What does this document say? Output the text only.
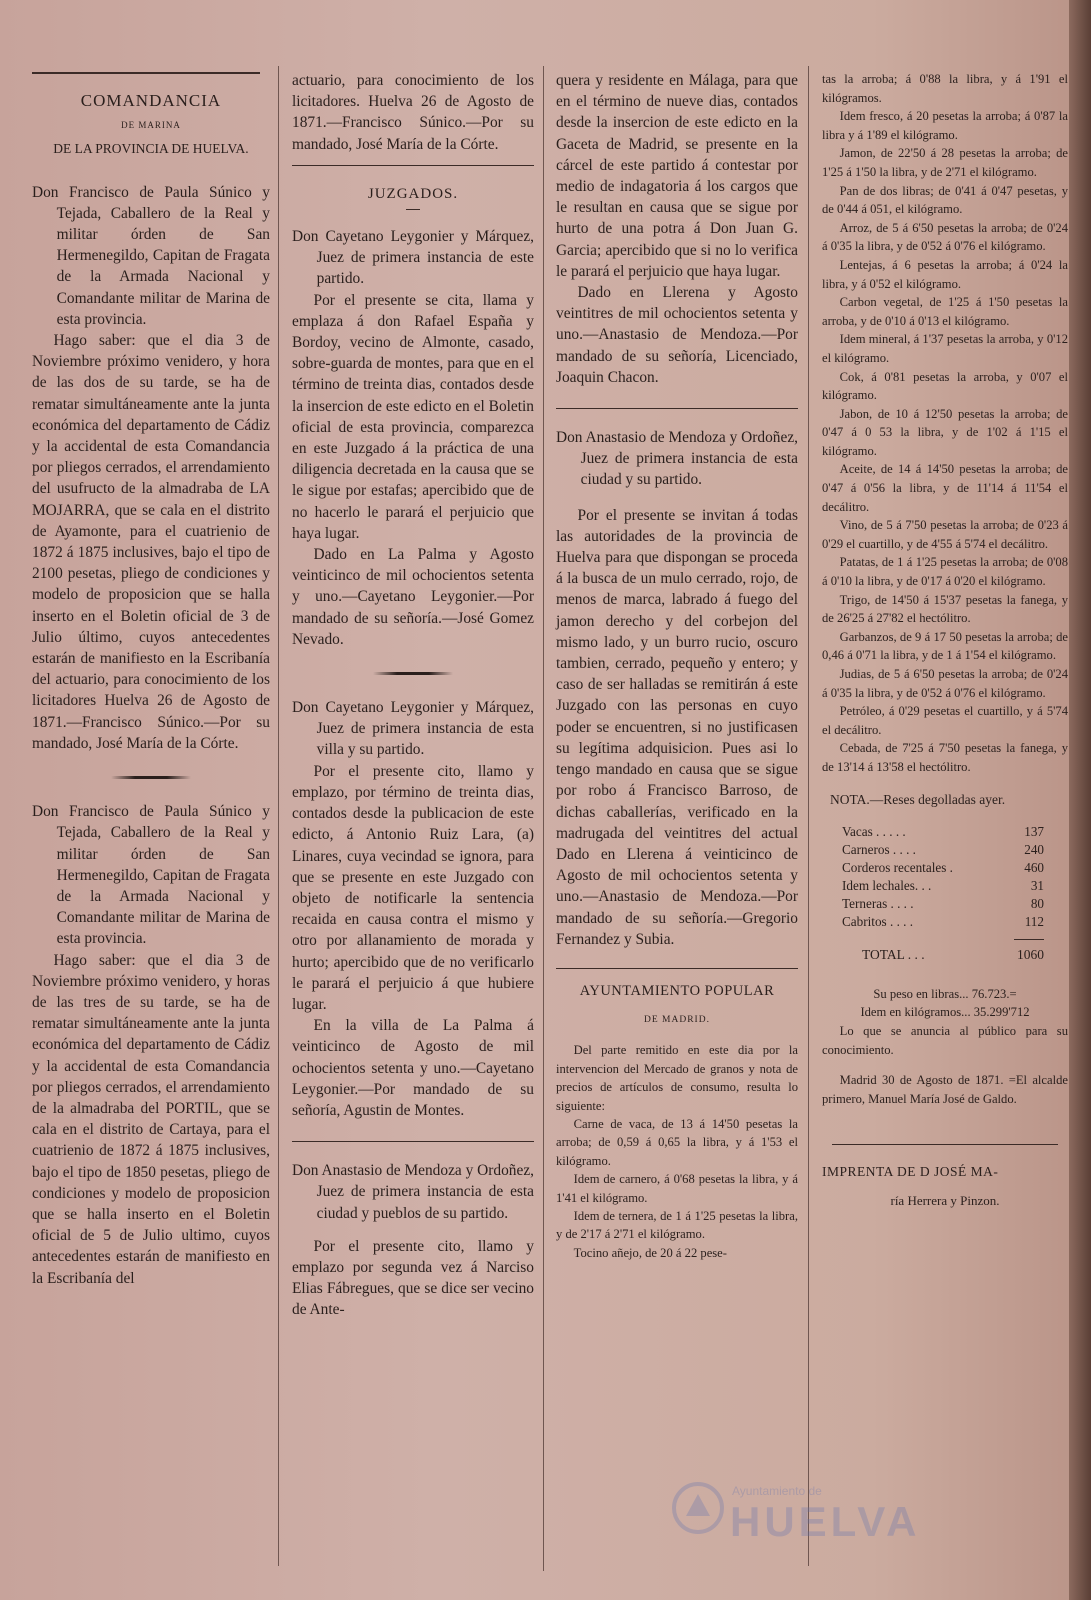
COMANDANCIA
DE MARINA
DE LA PROVINCIA DE HUELVA.

Don Francisco de Paula Súnico y Tejada, Caballero de la Real y militar órden de San Hermenegildo, Capitan de Fragata de la Armada Nacional y Comandante militar de Marina de esta provincia.

Hago saber: que el dia 3 de Noviembre próximo venidero, y hora de las dos de su tarde, se ha de rematar simultáneamente ante la junta económica del departamento de Cádiz y la accidental de esta Comandancia por pliegos cerrados, el arrendamiento del usufructo de la almadraba de LA MOJARRA, que se cala en el distrito de Ayamonte, para el cuatrienio de 1872 á 1875 inclusives, bajo el tipo de 2100 pesetas, pliego de condiciones y modelo de proposicion que se halla inserto en el Boletin oficial de 3 de Julio último, cuyos antecedentes estarán de manifiesto en la Escribanía del actuario, para conocimiento de los licitadores Huelva 26 de Agosto de 1871.—Francisco Súnico.—Por su mandado, José María de la Córte.

Don Francisco de Paula Súnico y Tejada, Caballero de la Real y militar órden de San Hermenegildo, Capitan de Fragata de la Armada Nacional y Comandante militar de Marina de esta provincia.

Hago saber: que el dia 3 de Noviembre próximo venidero, y horas de las tres de su tarde, se ha de rematar simultáneamente ante la junta económica del departamento de Cádiz y la accidental de esta Comandancia por pliegos cerrados, el arrendamiento de la almadraba del PORTIL, que se cala en el distrito de Cartaya, para el cuatrienio de 1872 á 1875 inclusives, bajo el tipo de 1850 pesetas, pliego de condiciones y modelo de proposicion que se halla inserto en el Boletin oficial de 5 de Julio ultimo, cuyos antecedentes estarán de manifiesto en la Escribanía del

actuario, para conocimiento de los licitadores. Huelva 26 de Agosto de 1871.—Francisco Súnico.—Por su mandado, José María de la Córte.

JUZGADOS.

Don Cayetano Leygonier y Márquez, Juez de primera instancia de este partido.

Por el presente se cita, llama y emplaza á don Rafael España y Bordoy, vecino de Almonte, casado, sobre-guarda de montes, para que en el término de treinta dias, contados desde la insercion de este edicto en el Boletin oficial de esta provincia, comparezca en este Juzgado á la práctica de una diligencia decretada en la causa que se le sigue por estafas; apercibido que de no hacerlo le parará el perjuicio que haya lugar.

Dado en La Palma y Agosto veinticinco de mil ochocientos setenta y uno.—Cayetano Leygonier.—Por mandado de su señoría.—José Gomez Nevado.

Don Cayetano Leygonier y Márquez, Juez de primera instancia de esta villa y su partido.

Por el presente cito, llamo y emplazo, por término de treinta dias, contados desde la publicacion de este edicto, á Antonio Ruiz Lara, (a) Linares, cuya vecindad se ignora, para que se presente en este Juzgado con objeto de notificarle la sentencia recaida en causa contra el mismo y otro por allanamiento de morada y hurto; apercibido que de no verificarlo le parará el perjuicio á que hubiere lugar.

En la villa de La Palma á veinticinco de Agosto de mil ochocientos setenta y uno.—Cayetano Leygonier.—Por mandado de su señoría, Agustin de Montes.

Don Anastasio de Mendoza y Ordoñez, Juez de primera instancia de esta ciudad y pueblos de su partido.

Por el presente cito, llamo y emplazo por segunda vez á Narciso Elias Fábregues, que se dice ser vecino de Ante-

quera y residente en Málaga, para que en el término de nueve dias, contados desde la insercion de este edicto en la Gaceta de Madrid, se presente en la cárcel de este partido á contestar por medio de indagatoria á los cargos que le resultan en causa que se sigue por hurto de una potra á Don Juan G. Garcia; apercibido que si no lo verifica le parará el perjuicio que haya lugar.

Dado en Llerena y Agosto veintitres de mil ochocientos setenta y uno.—Anastasio de Mendoza.—Por mandado de su señoría, Licenciado, Joaquin Chacon.

Don Anastasio de Mendoza y Ordoñez, Juez de primera instancia de esta ciudad y su partido.

Por el presente se invitan á todas las autoridades de la provincia de Huelva para que dispongan se proceda á la busca de un mulo cerrado, rojo, de menos de marca, labrado á fuego del jamon derecho y del corbejon del mismo lado, y un burro rucio, oscuro tambien, cerrado, pequeño y entero; y caso de ser halladas se remitirán á este Juzgado con las personas en cuyo poder se encuentren, si no justificasen su legítima adquisicion. Pues asi lo tengo mandado en causa que se sigue por robo á Francisco Barroso, de dichas caballerías, verificado en la madrugada del veintitres del actual Dado en Llerena á veinticinco de Agosto de mil ochocientos setenta y uno.—Anastasio de Mendoza.—Por mandado de su señoría.—Gregorio Fernandez y Subia.

AYUNTAMIENTO POPULAR
DE MADRID.

Del parte remitido en este dia por la intervencion del Mercado de granos y nota de precios de artículos de consumo, resulta lo siguiente:

Carne de vaca, de 13 á 14'50 pesetas la arroba; de 0,59 á 0,65 la libra, y á 1'53 el kilógramo.

Idem de carnero, á 0'68 pesetas la libra, y á 1'41 el kilógramo.

Idem de ternera, de 1 á 1'25 pesetas la libra, y de 2'17 á 2'71 el kilógramo.

Tocino añejo, de 20 á 22 pese-

tas la arroba; á 0'88 la libra, y á 1'91 el kilógramos.

Idem fresco, á 20 pesetas la arroba; á 0'87 la libra y á 1'89 el kilógramo.

Jamon, de 22'50 á 28 pesetas la arroba; de 1'25 á 1'50 la libra, y de 2'71 el kilógramo.

Pan de dos libras; de 0'41 á 0'47 pesetas, y de 0'44 á 051, el kilógramo.

Arroz, de 5 á 6'50 pesetas la arroba; de 0'24 á 0'35 la libra, y de 0'52 á 0'76 el kilógramo.

Lentejas, á 6 pesetas la arroba; á 0'24 la libra, y á 0'52 el kilógramo.

Carbon vegetal, de 1'25 á 1'50 pesetas la arroba, y de 0'10 á 0'13 el kilógramo.

Idem mineral, á 1'37 pesetas la arroba, y 0'12 el kilógramo.

Cok, á 0'81 pesetas la arroba, y 0'07 el kilógramo.

Jabon, de 10 á 12'50 pesetas la arroba; de 0'47 á 0 53 la libra, y de 1'02 á 1'15 el kilógramo.

Aceite, de 14 á 14'50 pesetas la arroba; de 0'47 á 0'56 la libra, y de 11'14 á 11'54 el decálitro.

Vino, de 5 á 7'50 pesetas la arroba; de 0'23 á 0'29 el cuartillo, y de 4'55 á 5'74 el decálitro.

Patatas, de 1 á 1'25 pesetas la arroba; de 0'08 á 0'10 la libra, y de 0'17 á 0'20 el kilógramo.

Trigo, de 14'50 á 15'37 pesetas la fanega, y de 26'25 á 27'82 el hectólitro.

Garbanzos, de 9 á 17 50 pesetas la arroba; de 0,46 á 0'71 la libra, y de 1 á 1'54 el kilógramo.

Judias, de 5 á 6'50 pesetas la arroba; de 0'24 á 0'35 la libra, y de 0'52 á 0'76 el kilógramo.

Petróleo, á 0'29 pesetas el cuartillo, y á 5'74 el decálitro.

Cebada, de 7'25 á 7'50 pesetas la fanega, y de 13'14 á 13'58 el hectólitro.

NOTA.—Reses degolladas ayer.
Vacas . . . . .	137
Carneros . . . .	240
Corderos recentales .	460
Idem lechales. . .	31
Terneras . . . .	80
Cabritos . . . .	112
TOTAL . . .	1060
Su peso en libras... 76.723.=
Idem en kilógramos... 35.299'712

Lo que se anuncia al público para su conocimiento.

Madrid 30 de Agosto de 1871. =El alcalde primero, Manuel María José de Galdo.

IMPRENTA DE D JOSÉ MA-
ría Herrera y Pinzon.
Ayuntamiento de
HUELVA
